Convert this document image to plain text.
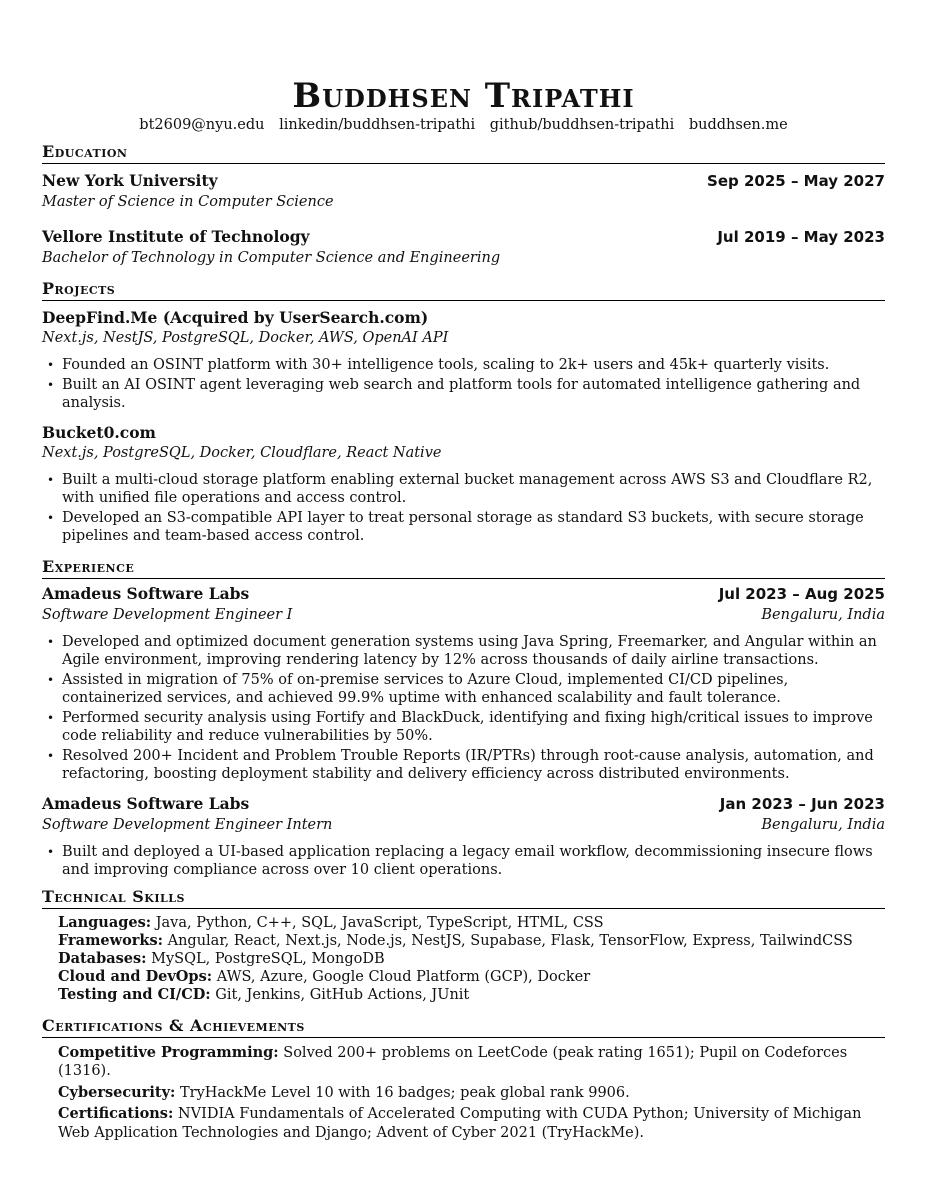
Buddhsen Tripathi
bt2609@nyu.edu linkedin/buddhsen-tripathi github/buddhsen-tripathi buddhsen.me
Education
New York University	Sep 2025 – May 2027
Master of Science in Computer Science
Vellore Institute of Technology	Jul 2019 – May 2023
Bachelor of Technology in Computer Science and Engineering
Projects
DeepFind.Me (Acquired by UserSearch.com)
Next.js, NestJS, PostgreSQL, Docker, AWS, OpenAI API
• Founded an OSINT platform with 30+ intelligence tools, scaling to 2k+ users and 45k+ quarterly visits.
• Built an AI OSINT agent leveraging web search and platform tools for automated intelligence gathering and analysis.
Bucket0.com
Next.js, PostgreSQL, Docker, Cloudflare, React Native
• Built a multi-cloud storage platform enabling external bucket management across AWS S3 and Cloudflare R2, with unified file operations and access control.
• Developed an S3-compatible API layer to treat personal storage as standard S3 buckets, with secure storage pipelines and team-based access control.
Experience
Amadeus Software Labs	Jul 2023 – Aug 2025
Software Development Engineer I	Bengaluru, India
• Developed and optimized document generation systems using Java Spring, Freemarker, and Angular within an Agile environment, improving rendering latency by 12% across thousands of daily airline transactions.
• Assisted in migration of 75% of on-premise services to Azure Cloud, implemented CI/CD pipelines, containerized services, and achieved 99.9% uptime with enhanced scalability and fault tolerance.
• Performed security analysis using Fortify and BlackDuck, identifying and fixing high/critical issues to improve code reliability and reduce vulnerabilities by 50%.
• Resolved 200+ Incident and Problem Trouble Reports (IR/PTRs) through root-cause analysis, automation, and refactoring, boosting deployment stability and delivery efficiency across distributed environments.
Amadeus Software Labs	Jan 2023 – Jun 2023
Software Development Engineer Intern	Bengaluru, India
• Built and deployed a UI-based application replacing a legacy email workflow, decommissioning insecure flows and improving compliance across over 10 client operations.
Technical Skills
Languages: Java, Python, C++, SQL, JavaScript, TypeScript, HTML, CSS
Frameworks: Angular, React, Next.js, Node.js, NestJS, Supabase, Flask, TensorFlow, Express, TailwindCSS
Databases: MySQL, PostgreSQL, MongoDB
Cloud and DevOps: AWS, Azure, Google Cloud Platform (GCP), Docker
Testing and CI/CD: Git, Jenkins, GitHub Actions, JUnit
Certifications & Achievements
Competitive Programming: Solved 200+ problems on LeetCode (peak rating 1651); Pupil on Codeforces (1316).
Cybersecurity: TryHackMe Level 10 with 16 badges; peak global rank 9906.
Certifications: NVIDIA Fundamentals of Accelerated Computing with CUDA Python; University of Michigan Web Application Technologies and Django; Advent of Cyber 2021 (TryHackMe).
